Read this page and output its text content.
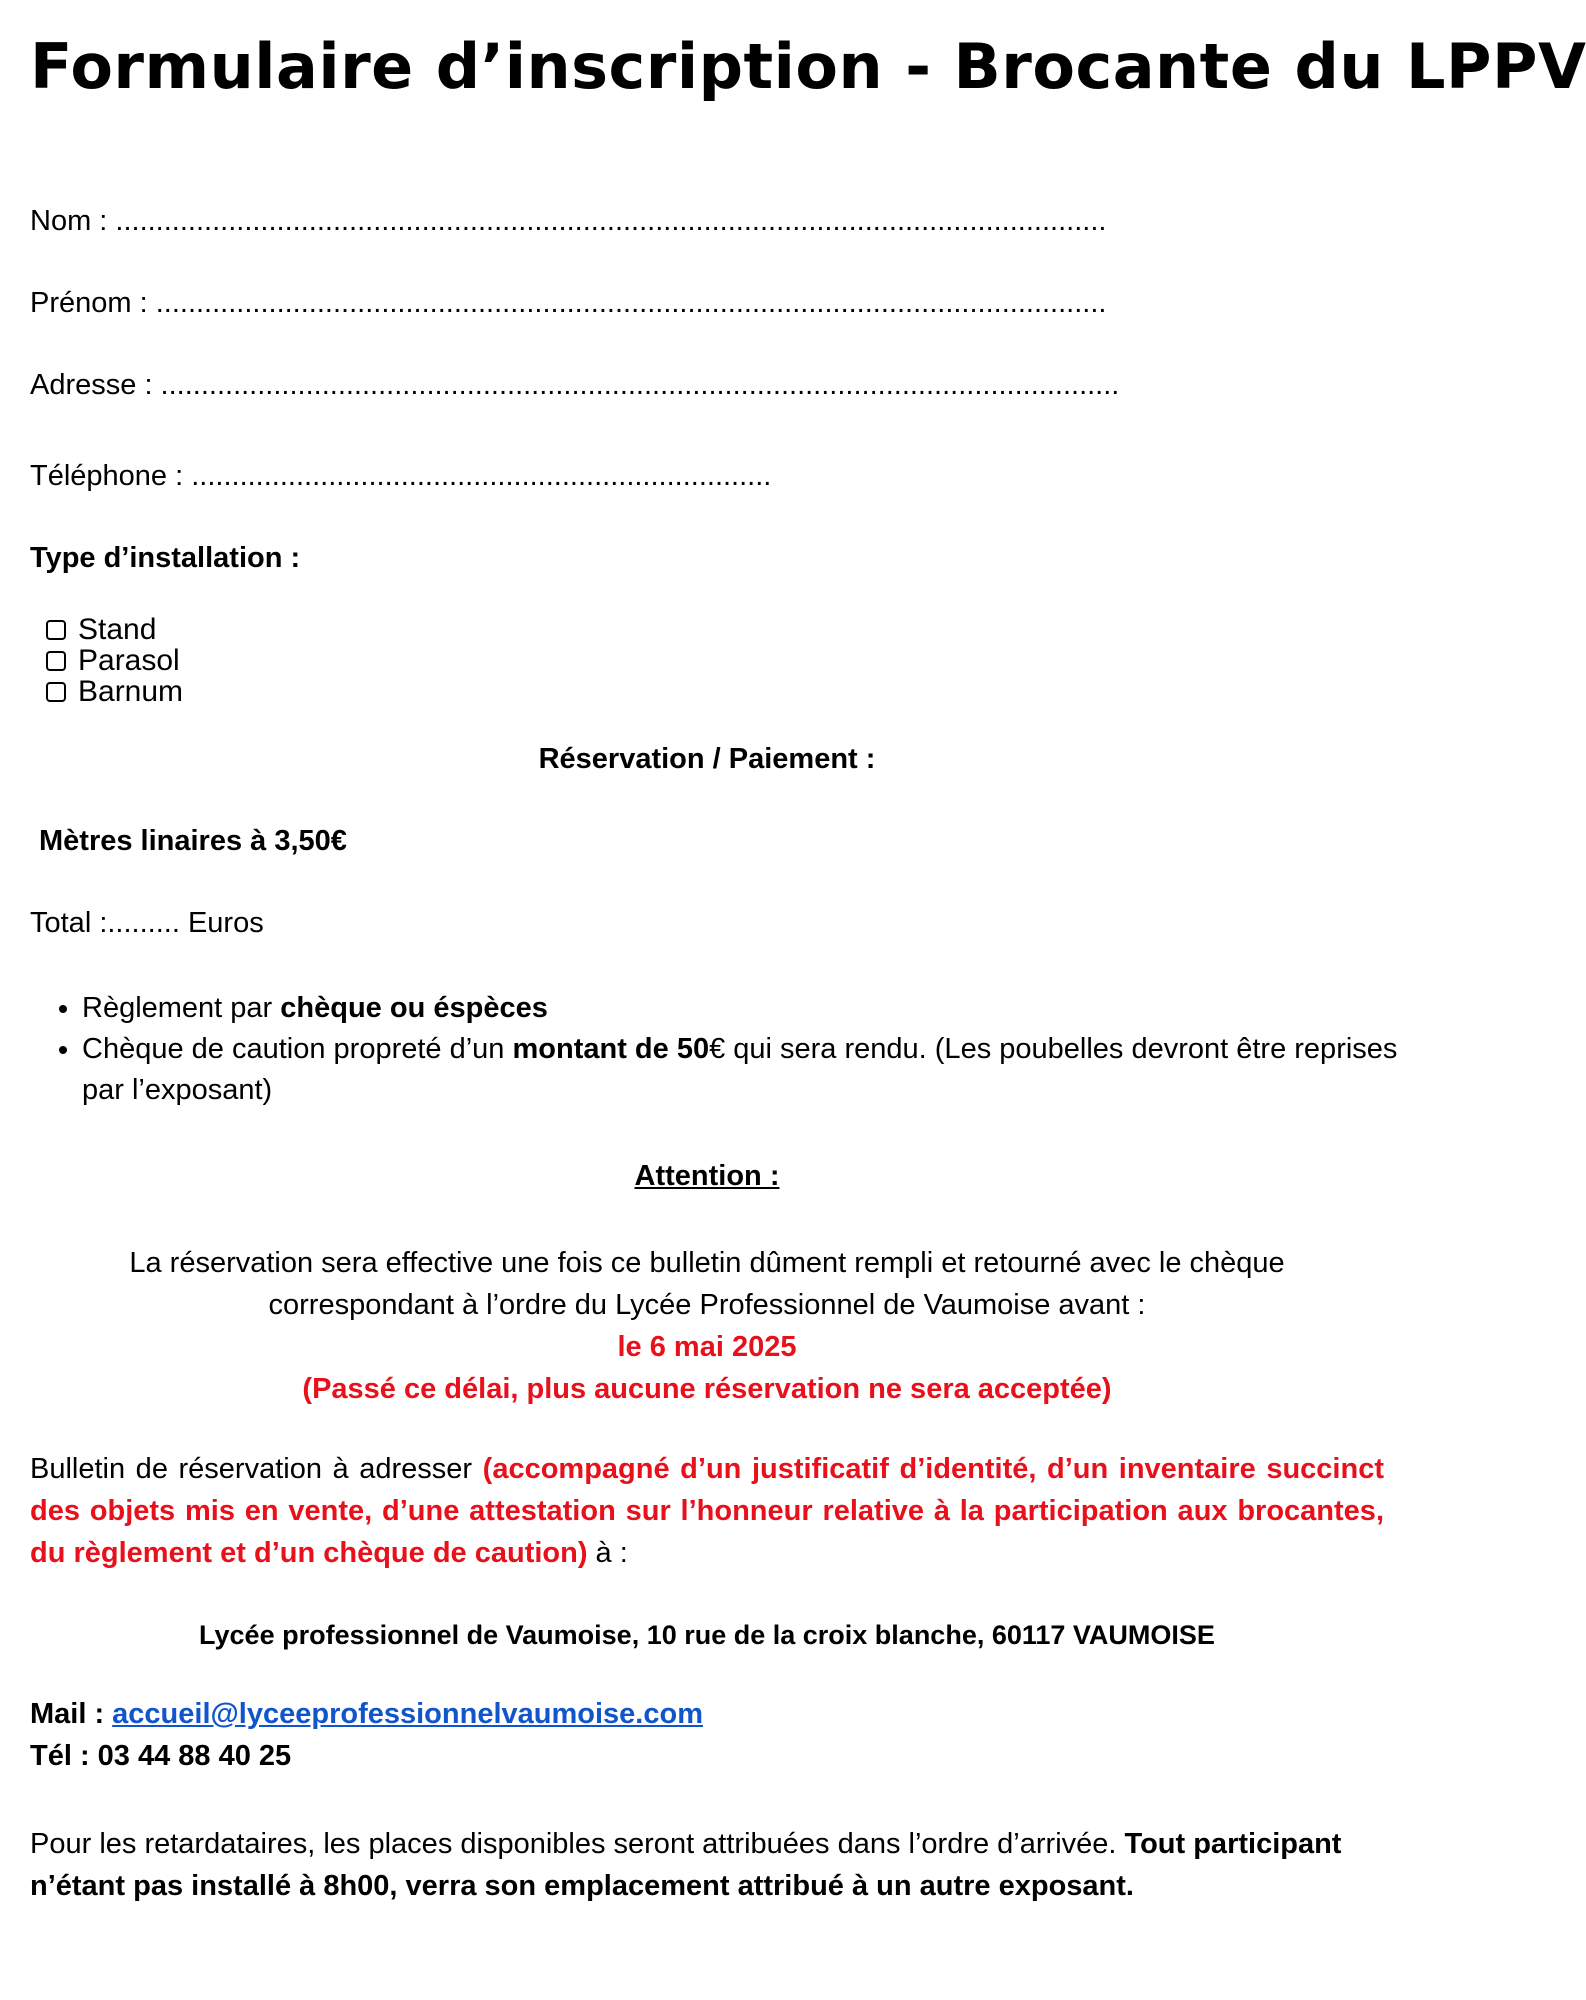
Formulaire d’inscription - Brocante du LPPV
Nom : ...........................................................................................................................
Prénom : ......................................................................................................................
Adresse : .......................................................................................................................
Téléphone : ........................................................................
Type d’installation :
Stand
Parasol
Barnum
Réservation / Paiement :
Mètres linaires à 3,50€
Total :......... Euros
• Règlement par chèque ou éspèces
• Chèque de caution propreté d’un montant de 50€ qui sera rendu. (Les poubelles devront être reprises par l’exposant)
Attention :
La réservation sera effective une fois ce bulletin dûment rempli et retourné avec le chèque
correspondant à l’ordre du Lycée Professionnel de Vaumoise avant :
le 6 mai 2025
(Passé ce délai, plus aucune réservation ne sera acceptée)
Bulletin de réservation à adresser (accompagné d’un justificatif d’identité, d’un inventaire succinct des objets mis en vente, d’une attestation sur l’honneur relative à la participation aux brocantes, du règlement et d’un chèque de caution) à :
Lycée professionnel de Vaumoise, 10 rue de la croix blanche, 60117 VAUMOISE
Mail : accueil@lyceeprofessionnelvaumoise.com
Tél : 03 44 88 40 25
Pour les retardataires, les places disponibles seront attribuées dans l’ordre d’arrivée. Tout participant n’étant pas installé à 8h00, verra son emplacement attribué à un autre exposant.
